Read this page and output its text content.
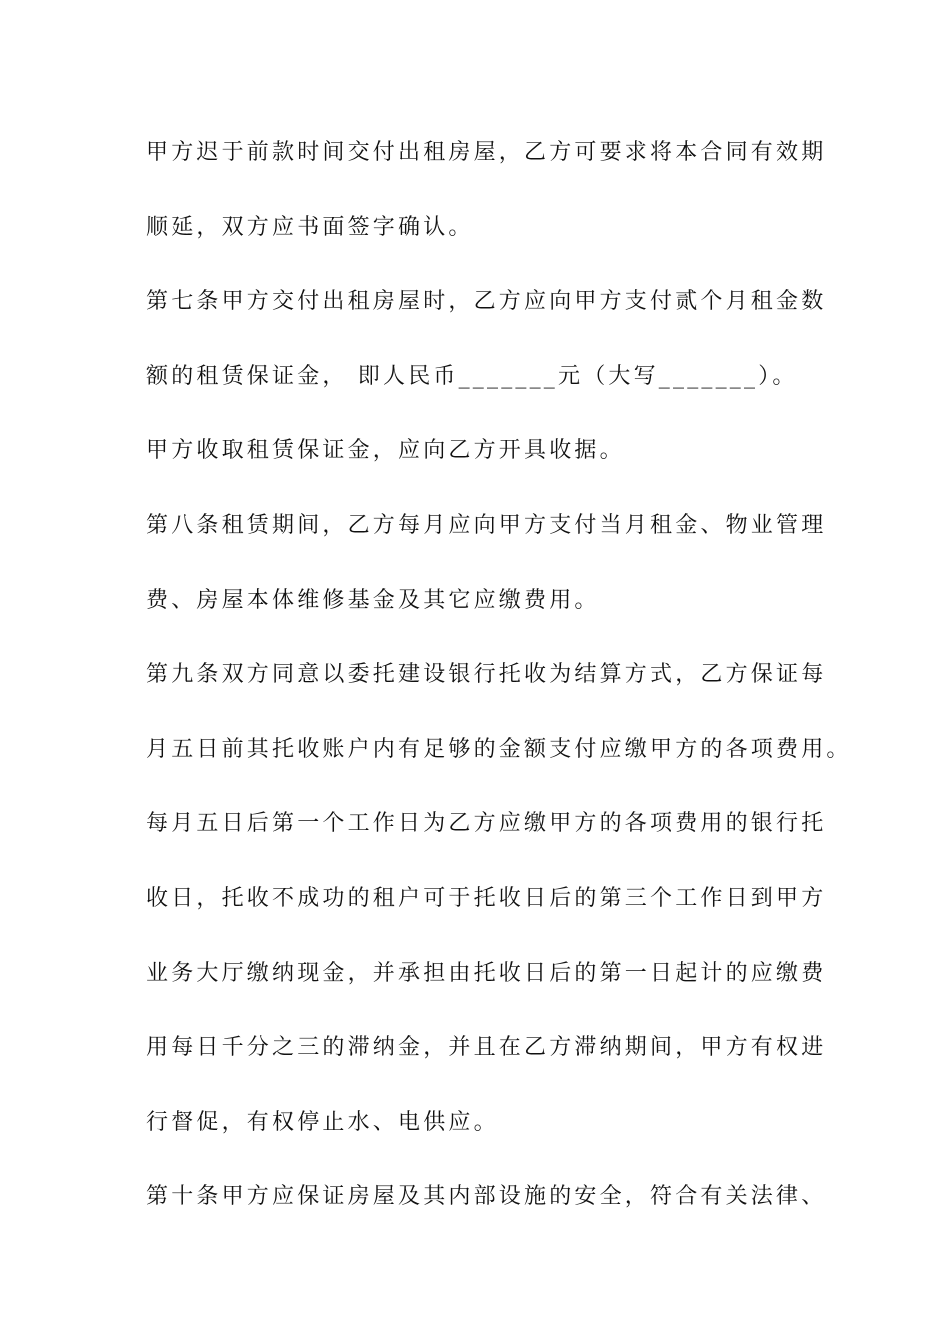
甲方迟于前款时间交付出租房屋，乙方可要求将本合同有效期
顺延，双方应书面签字确认。
第七条甲方交付出租房屋时，乙方应向甲方支付贰个月租金数
额的租赁保证金， 即人民币_______元（大写_______）。
甲方收取租赁保证金，应向乙方开具收据。
第八条租赁期间，乙方每月应向甲方支付当月租金、物业管理
费、房屋本体维修基金及其它应缴费用。
第九条双方同意以委托建设银行托收为结算方式，乙方保证每
月五日前其托收账户内有足够的金额支付应缴甲方的各项费用。
每月五日后第一个工作日为乙方应缴甲方的各项费用的银行托
收日，托收不成功的租户可于托收日后的第三个工作日到甲方
业务大厅缴纳现金，并承担由托收日后的第一日起计的应缴费
用每日千分之三的滞纳金，并且在乙方滞纳期间，甲方有权进
行督促，有权停止水、电供应。
第十条甲方应保证房屋及其内部设施的安全，符合有关法律、
